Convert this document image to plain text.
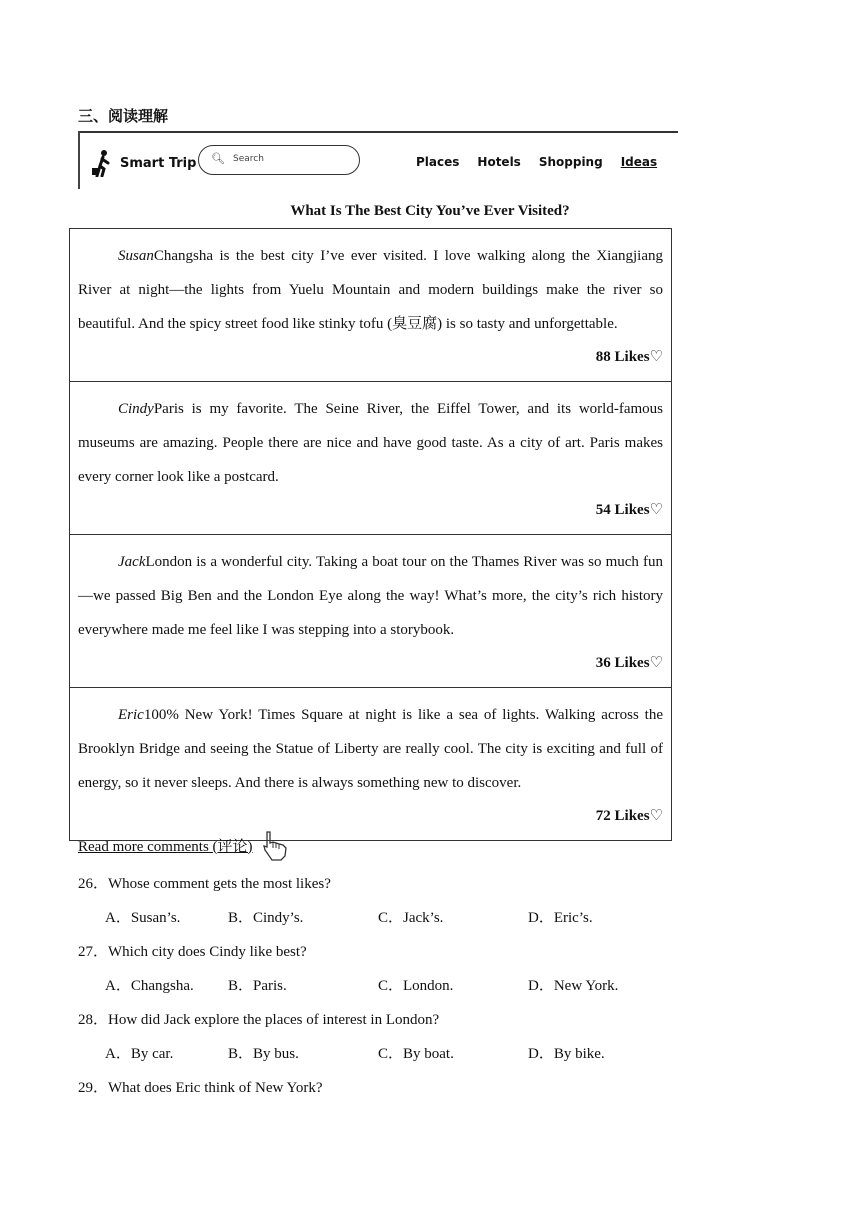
三、阅读理解
Smart Trip 🔍︎ Search	Places Hotels Shopping Ideas
What Is The Best City You’ve Ever Visited?

SusanChangsha is the best city I’ve ever visited. I love walking along the Xiangjiang River at night—the lights from Yuelu Mountain and modern buildings make the river so beautiful. And the spicy street food like stinky tofu (臭豆腐) is so tasty and unforgettable.

88 Likes♡

CindyParis is my favorite. The Seine River, the Eiffel Tower, and its world-famous museums are amazing. People there are nice and have good taste. As a city of art. Paris makes every corner look like a postcard.

54 Likes♡

JackLondon is a wonderful city. Taking a boat tour on the Thames River was so much fun—we passed Big Ben and the London Eye along the way! What’s more, the city’s rich history everywhere made me feel like I was stepping into a storybook.

36 Likes♡

Eric100% New York! Times Square at night is like a sea of lights. Walking across the Brooklyn Bridge and seeing the Statue of Liberty are really cool. The city is exciting and full of energy, so it never sleeps. And there is always something new to discover.

72 Likes♡
Read more comments (评论)
26．Whose comment gets the most likes?
A．Susan’s.	B．Cindy’s.	C．Jack’s.	D．Eric’s.
27．Which city does Cindy like best?
A．Changsha. B．Paris.	C．London.	D．New York.
28．How did Jack explore the places of interest in London?
A．By car.	B．By bus.	C．By boat.	D．By bike.
29．What does Eric think of New York?
